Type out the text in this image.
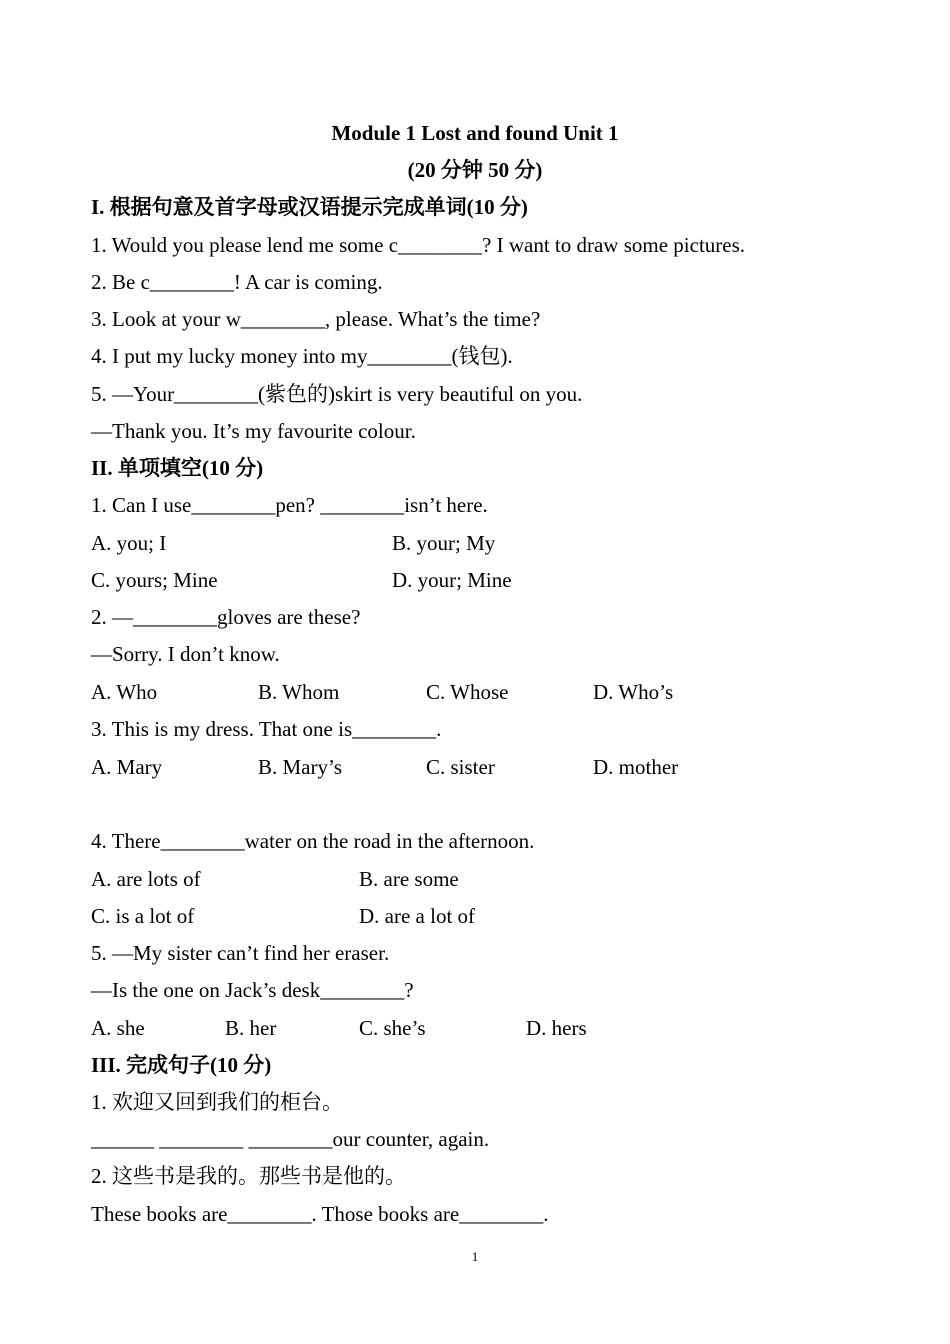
Module 1 Lost and found Unit 1
(20 分钟 50 分)
I. 根据句意及首字母或汉语提示完成单词(10 分)
1. Would you please lend me some c________? I want to draw some pictures.
2. Be c________! A car is coming.
3. Look at your w________, please. What’s the time?
4. I put my lucky money into my________(钱包).
5. —Your________(紫色的)skirt is very beautiful on you.
—Thank you. It’s my favourite colour.
II. 单项填空(10 分)
1. Can I use________pen? ________isn’t here.
A. you; I	B. your; My
C. yours; Mine	D. your; Mine
2. —________gloves are these?
—Sorry. I don’t know.
A. Who	B. Whom	C. Whose	D. Who’s
3. This is my dress. That one is________.
A. Mary	B. Mary’s	C. sister	D. mother
4. There________water on the road in the afternoon.
A. are lots of	B. are some
C. is a lot of	D. are a lot of
5. —My sister can’t find her eraser.
—Is the one on Jack’s desk________?
A. she	B. her	C. she’s	D. hers
III. 完成句子(10 分)
1. 欢迎又回到我们的柜台。
______ ________ ________our counter, again.
2. 这些书是我的。那些书是他的。
These books are________. Those books are________.
1
